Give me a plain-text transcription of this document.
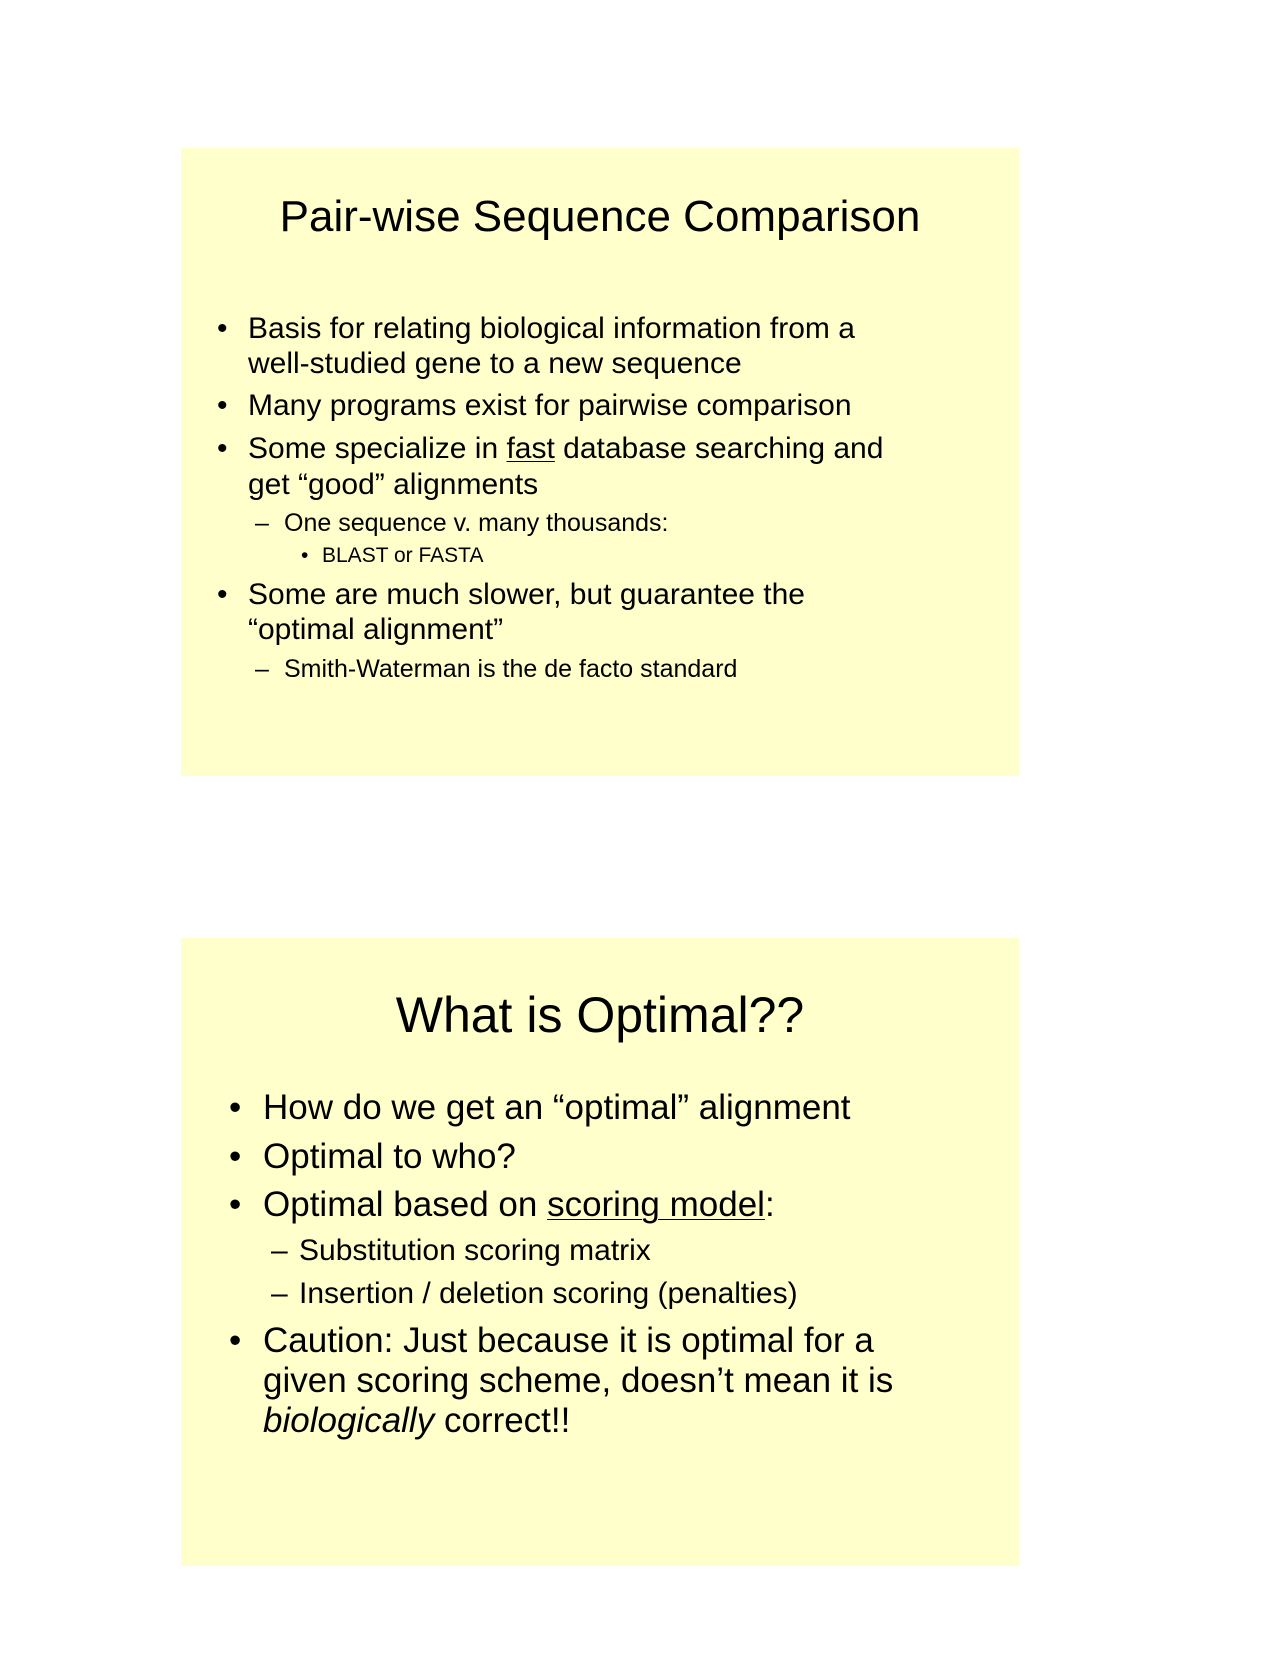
Pair-wise Sequence Comparison
• Basis for relating biological information from a
well-studied gene to a new sequence
• Many programs exist for pairwise comparison
• Some specialize in fast database searching and
get “good” alignments
– One sequence v. many thousands:
• BLAST or FASTA
• Some are much slower, but guarantee the
“optimal alignment”
– Smith-Waterman is the de facto standard
What is Optimal??
• How do we get an “optimal” alignment
• Optimal to who?
• Optimal based on scoring model:
– Substitution scoring matrix
– Insertion / deletion scoring (penalties)
• Caution: Just because it is optimal for a
given scoring scheme, doesn’t mean it is
biologically correct!!
